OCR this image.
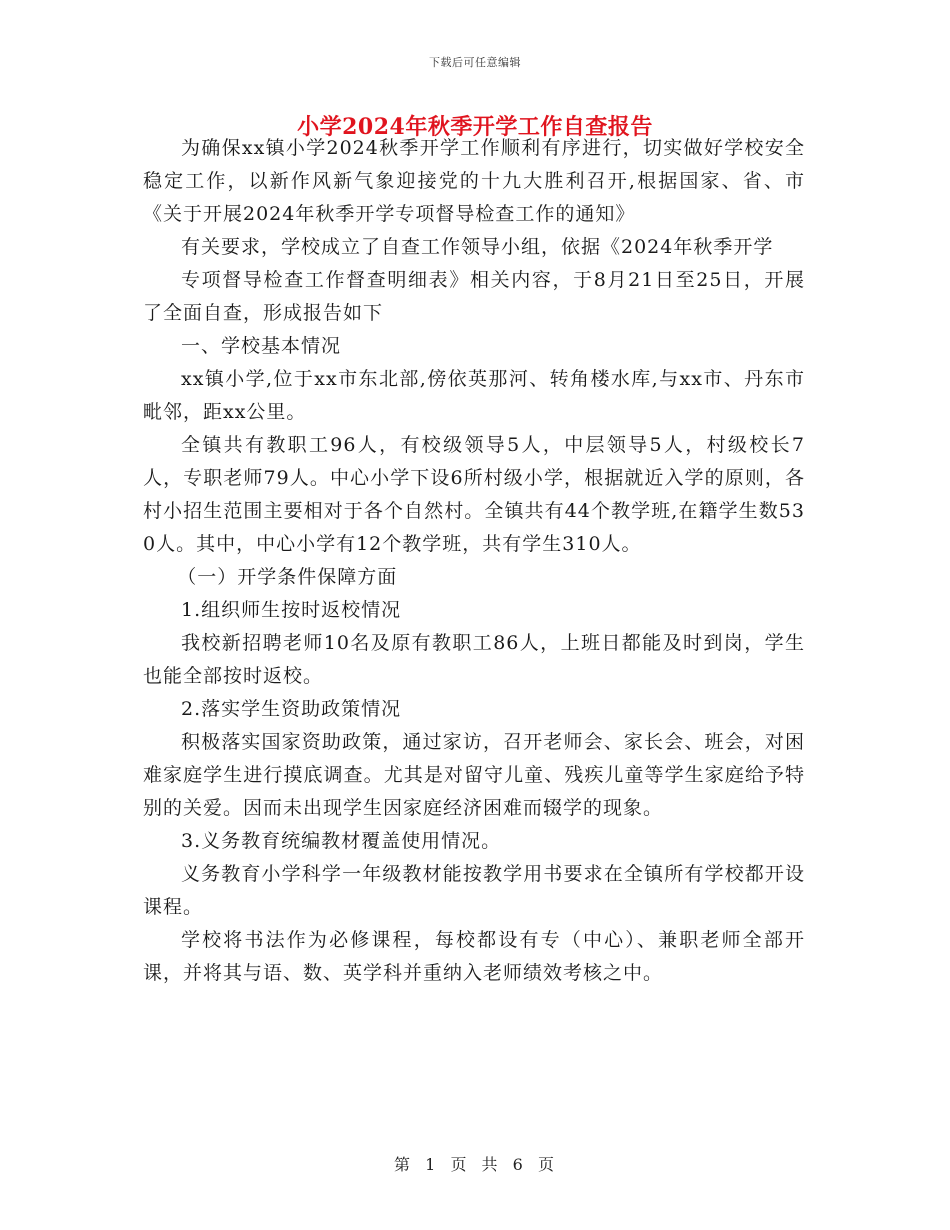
下载后可任意编辑
小学2024年秋季开学工作自查报告

为确保xx镇小学2024秋季开学工作顺利有序进行，切实做好学校安全稳定工作，以新作风新气象迎接党的十九大胜利召开,根据国家、省、市《关于开展2024年秋季开学专项督导检查工作的通知》

有关要求，学校成立了自查工作领导小组，依据《2024年秋季开学

专项督导检查工作督查明细表》相关内容，于8月21日至25日，开展了全面自查，形成报告如下

一、学校基本情况

xx镇小学,位于xx市东北部,傍依英那河、转角楼水库,与xx市、丹东市毗邻，距xx公里。

全镇共有教职工96人，有校级领导5人，中层领导5人，村级校长7人，专职老师79人。中心小学下设6所村级小学，根据就近入学的原则，各村小招生范围主要相对于各个自然村。全镇共有44个教学班,在籍学生数530人。其中，中心小学有12个教学班，共有学生310人。

（一）开学条件保障方面

1.组织师生按时返校情况

我校新招聘老师10名及原有教职工86人，上班日都能及时到岗，学生也能全部按时返校。

2.落实学生资助政策情况

积极落实国家资助政策，通过家访，召开老师会、家长会、班会，对困难家庭学生进行摸底调查。尤其是对留守儿童、残疾儿童等学生家庭给予特别的关爱。因而未出现学生因家庭经济困难而辍学的现象。

3.义务教育统编教材覆盖使用情况。

义务教育小学科学一年级教材能按教学用书要求在全镇所有学校都开设课程。

学校将书法作为必修课程，每校都设有专（中心）、兼职老师全部开课，并将其与语、数、英学科并重纳入老师绩效考核之中。

第 1 页 共 6 页
